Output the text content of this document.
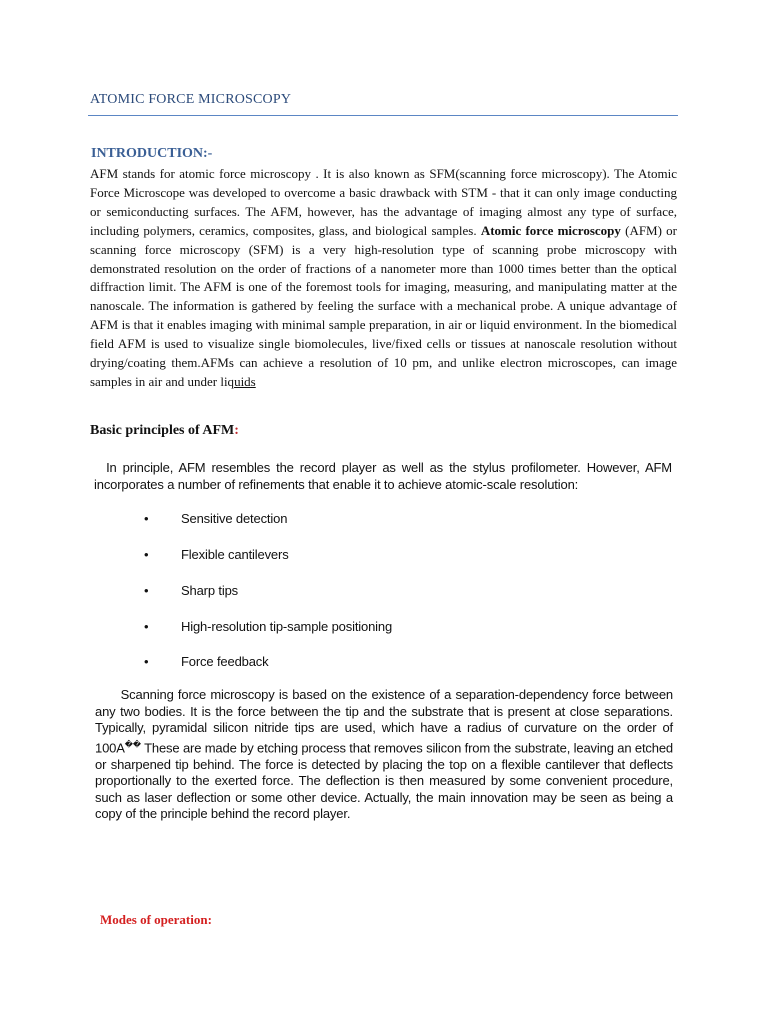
ATOMIC FORCE MICROSCOPY
INTRODUCTION:-
AFM stands for atomic force microscopy . It is also known as SFM(scanning force microscopy). The Atomic Force Microscope was developed to overcome a basic drawback with STM - that it can only image conducting or semiconducting surfaces. The AFM, however, has the advantage of imaging almost any type of surface, including polymers, ceramics, composites, glass, and biological samples. Atomic force microscopy (AFM) or scanning force microscopy (SFM) is a very high-resolution type of scanning probe microscopy with demonstrated resolution on the order of fractions of a nanometer more than 1000 times better than the optical diffraction limit. The AFM is one of the foremost tools for imaging, measuring, and manipulating matter at the nanoscale. The information is gathered by feeling the surface with a mechanical probe. A unique advantage of AFM is that it enables imaging with minimal sample preparation, in air or liquid environment. In the biomedical field AFM is used to visualize single biomolecules, live/fixed cells or tissues at nanoscale resolution without drying/coating them.AFMs can achieve a resolution of 10 pm, and unlike electron microscopes, can image samples in air and under liquids
Basic principles of AFM:
In principle, AFM resembles the record player as well as the stylus profilometer. However, AFM incorporates a number of refinements that enable it to achieve atomic-scale resolution:
•	Sensitive detection
•	Flexible cantilevers
•	Sharp tips
•	High-resolution tip-sample positioning
•	Force feedback
Scanning force microscopy is based on the existence of a separation-dependency force between any two bodies. It is the force between the tip and the substrate that is present at close separations. Typically, pyramidal silicon nitride tips are used, which have a radius of curvature on the order of 100A�� These are made by etching process that removes silicon from the substrate, leaving an etched or sharpened tip behind. The force is detected by placing the top on a flexible cantilever that deflects proportionally to the exerted force. The deflection is then measured by some convenient procedure, such as laser deflection or some other device. Actually, the main innovation may be seen as being a copy of the principle behind the record player.
Modes of operation:
